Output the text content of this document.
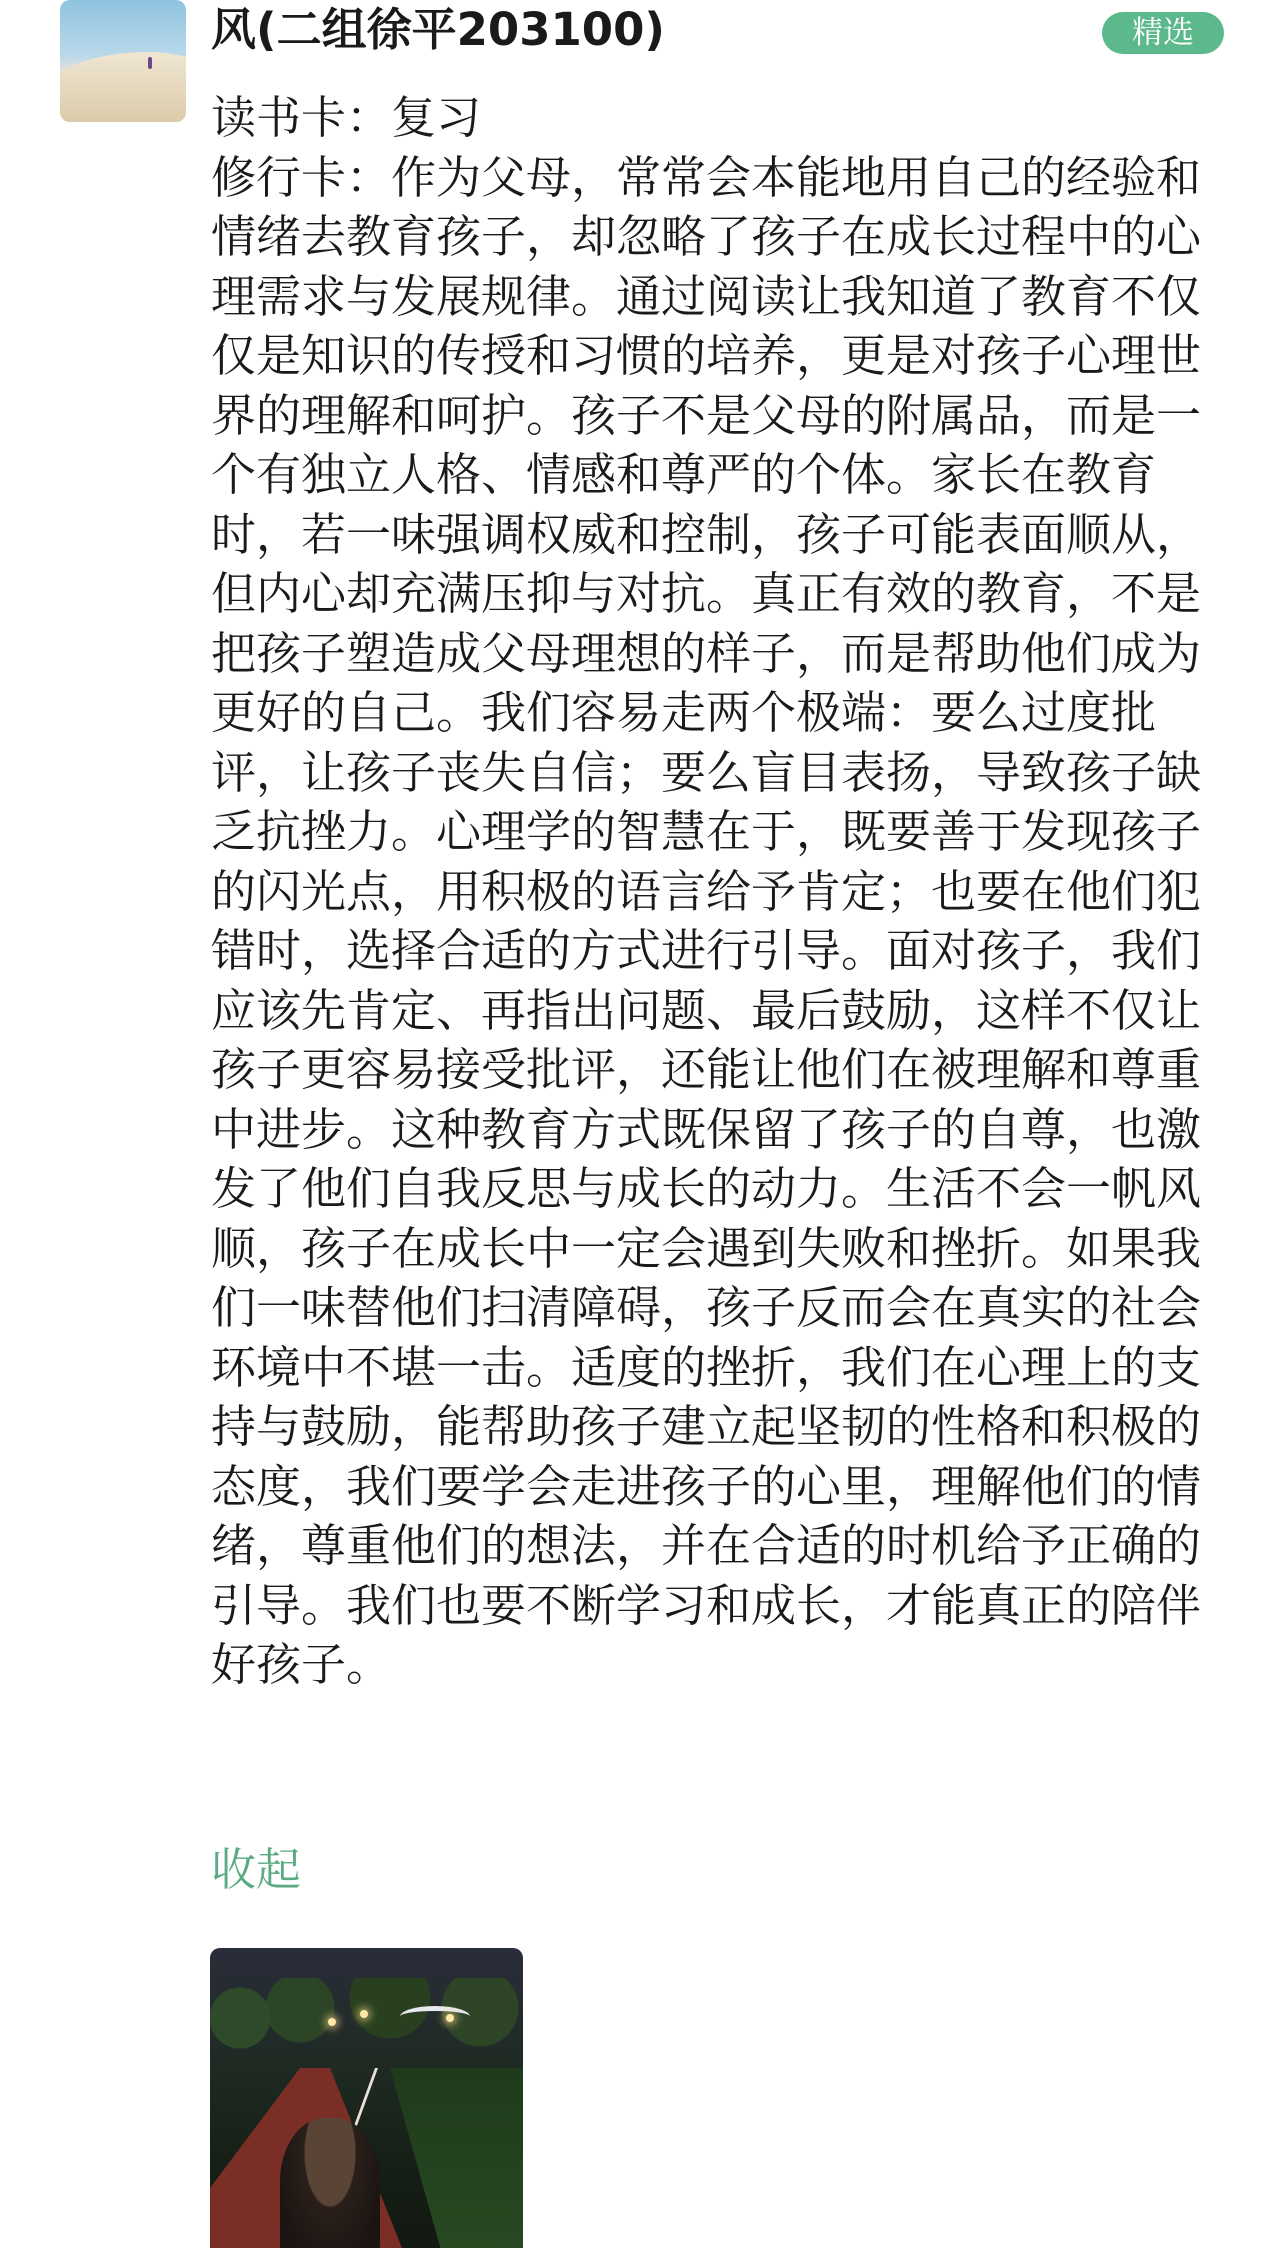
风(二组徐平203100)	精选

读书卡：复习

修行卡：作为父母，常常会本能地用自己的经验和情绪去教育孩子，却忽略了孩子在成长过程中的心理需求与发展规律。通过阅读让我知道了教育不仅仅是知识的传授和习惯的培养，更是对孩子心理世界的理解和呵护。孩子不是父母的附属品，而是一个有独立人格、情感和尊严的个体。家长在教育时，若一味强调权威和控制，孩子可能表面顺从，但内心却充满压抑与对抗。真正有效的教育，不是把孩子塑造成父母理想的样子，而是帮助他们成为更好的自己。我们容易走两个极端：要么过度批评，让孩子丧失自信；要么盲目表扬，导致孩子缺乏抗挫力。心理学的智慧在于，既要善于发现孩子的闪光点，用积极的语言给予肯定；也要在他们犯错时，选择合适的方式进行引导。面对孩子，我们应该先肯定、再指出问题、最后鼓励，这样不仅让孩子更容易接受批评，还能让他们在被理解和尊重中进步。这种教育方式既保留了孩子的自尊，也激发了他们自我反思与成长的动力。生活不会一帆风顺，孩子在成长中一定会遇到失败和挫折。如果我们一味替他们扫清障碍，孩子反而会在真实的社会环境中不堪一击。适度的挫折，我们在心理上的支持与鼓励，能帮助孩子建立起坚韧的性格和积极的态度，我们要学会走进孩子的心里，理解他们的情绪，尊重他们的想法，并在合适的时机给予正确的引导。我们也要不断学习和成长，才能真正的陪伴好孩子。

收起
